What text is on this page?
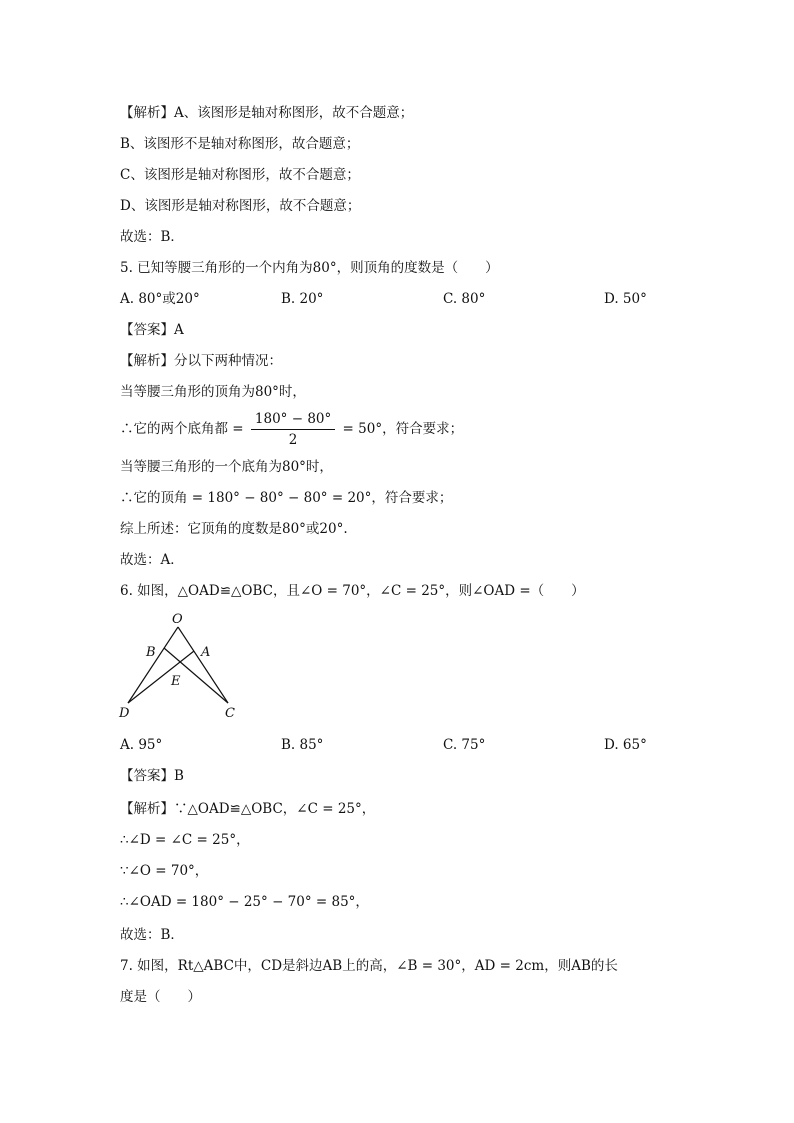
【解析】A、该图形是轴对称图形，故不合题意；
B、该图形不是轴对称图形，故合题意；
C、该图形是轴对称图形，故不合题意；
D、该图形是轴对称图形，故不合题意；
故选：B．
5. 已知等腰三角形的一个内角为80°，则顶角的度数是（　　）
A. 80°或20°	B. 20°	C. 80°	D. 50°
【答案】A
【解析】分以下两种情况：
当等腰三角形的顶角为80°时，
∴它的两个底角都 = $\frac{180^\circ - 80^\circ}{2} = 50^\circ$，符合要求；
当等腰三角形的一个底角为80°时，
∴它的顶角 = 180° − 80° − 80° = 20°，符合要求；
综上所述：它顶角的度数是80°或20°.
故选：A．
6. 如图，△OAD≌△OBC，且∠O = 70°，∠C = 25°，则∠OAD =（　　）
O
B	A
E
D	C
A. 95°	B. 85°	C. 75°	D. 65°
【答案】B
【解析】∵△OAD≌△OBC，∠C = 25°，
∴∠D = ∠C = 25°，
∵∠O = 70°，
∴∠OAD = 180° − 25° − 70° = 85°，
故选：B．
7. 如图，Rt△ABC中，CD是斜边AB上的高，∠B = 30°，AD = 2cm，则AB的长
度是（　　）
